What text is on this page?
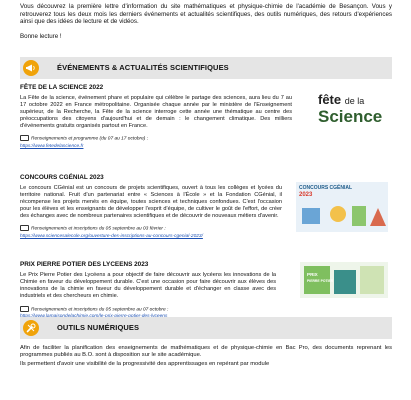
Vous découvrez la première lettre d'information du site mathématiques et physique-chimie de l'académie de Besançon. Vous y retrouverez tous les deux mois les derniers événements et actualités scientifiques, des outils numériques, des retours d'expériences ainsi que des idées de lecture et de vidéos.

Bonne lecture !

ÉVÉNEMENTS & ACTUALITÉS SCIENTIFIQUES
FÊTE DE LA SCIENCE 2022
La Fête de la science, événement phare et populaire qui célèbre le partage des sciences, aura lieu du 7 au 17 octobre 2022 en France métropolitaine. Organisée chaque année par le ministère de l'Enseignement supérieur, de la Recherche, la Fête de la science interroge cette année une thématique au centre des préoccupations des citoyens d'aujourd'hui et de demain : le changement climatique. Des milliers d'événements gratuits organisés partout en France.
Renseignements et programme (du 07 au 17 octobre) :
https://www.fetedelascience.fr
fête de la
Science
CONCOURS CGÉNIAL 2023
Le concours CGénial est un concours de projets scientifiques, ouvert à tous les collèges et lycées du territoire national. Fruit d'un partenariat entre « Sciences à l'École » et la Fondation CGénial, il récompense les projets menés en équipe, toutes sciences et techniques confondues. C'est l'occasion pour les élèves et les enseignants de développer l'esprit d'équipe, de cultiver le goût de l'effort, de créer des échanges avec de nombreux partenaires scientifiques et de découvrir de nouveaux métiers d'avenir.
Renseignements et inscriptions du 05 septembre au 03 février :
https://www.sciencesalecole.org/ouverture-des-inscriptions-au-concours-cgenial-2023/
CONCOURS CGÉNIAL
2023
PRIX PIERRE POTIER DES LYCEENS 2023
Le Prix Pierre Potier des Lycéens a pour objectif de faire découvrir aux lycéens les innovations de la Chimie en faveur du développement durable. C'est une occasion pour faire découvrir aux élèves des innovations de la chimie en faveur du développement durable et d'échanger en classe avec des industriels et des chercheurs en chimie.
Renseignements et inscriptions du 05 septembre au 07 octobre :
PRIX
PIERRE POTIER
OUTILS NUMÉRIQUES
Afin de faciliter la planification des enseignements de mathématiques et de physique-chimie en Bac Pro, des documents reprenant les programmes publiés au B.O. sont à disposition sur le site académique.
Ils permettent d'avoir une visibilité de la progressivité des apprentissages en repérant par module
